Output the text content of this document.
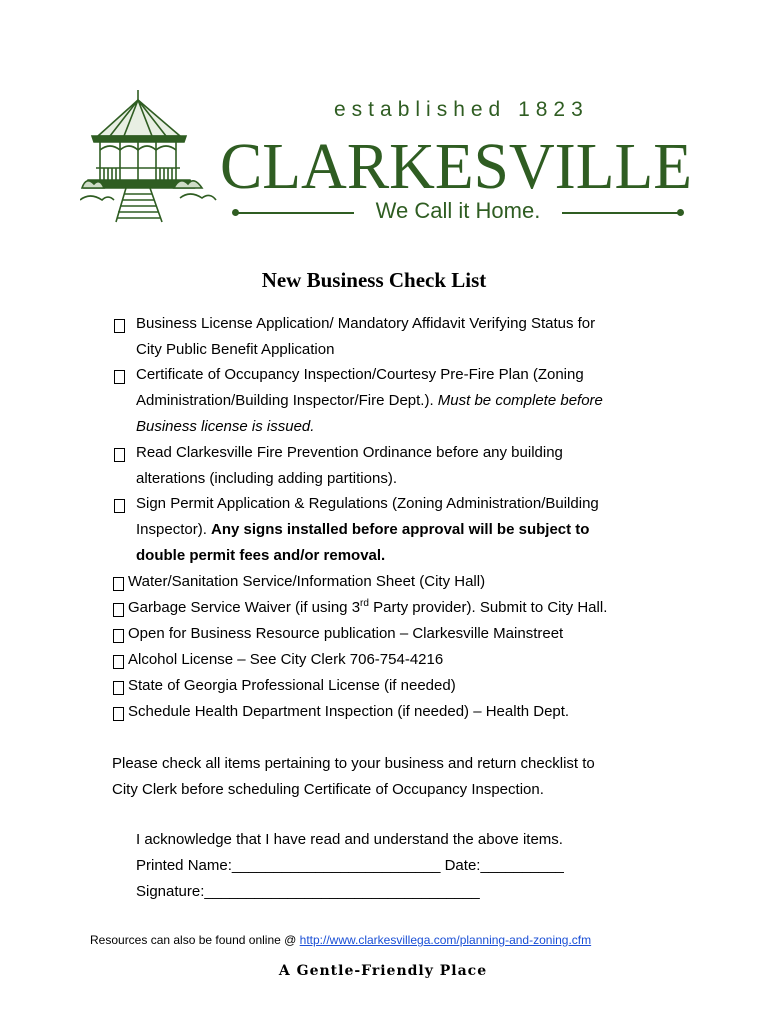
established 1823
CLARKESVILLE
We Call it Home.
New Business Check List
Business License Application/ Mandatory Affidavit Verifying Status for
City Public Benefit Application
Certificate of Occupancy Inspection/Courtesy Pre-Fire Plan (Zoning
Administration/Building Inspector/Fire Dept.). Must be complete before
Business license is issued.
Read Clarkesville Fire Prevention Ordinance before any building
alterations (including adding partitions).
Sign Permit Application & Regulations (Zoning Administration/Building
Inspector). Any signs installed before approval will be subject to
double permit fees and/or removal.
Water/Sanitation Service/Information Sheet (City Hall)
Garbage Service Waiver (if using 3rd Party provider). Submit to City Hall.
Open for Business Resource publication – Clarkesville Mainstreet
Alcohol License – See City Clerk 706-754-4216
State of Georgia Professional License (if needed)
Schedule Health Department Inspection (if needed) – Health Dept.
Please check all items pertaining to your business and return checklist to
City Clerk before scheduling Certificate of Occupancy Inspection.
I acknowledge that I have read and understand the above items.
Printed Name:_________________________ Date:__________
Signature:_________________________________
Resources can also be found online @ http://www.clarkesvillega.com/planning-and-zoning.cfm
A Gentle-Friendly Place
